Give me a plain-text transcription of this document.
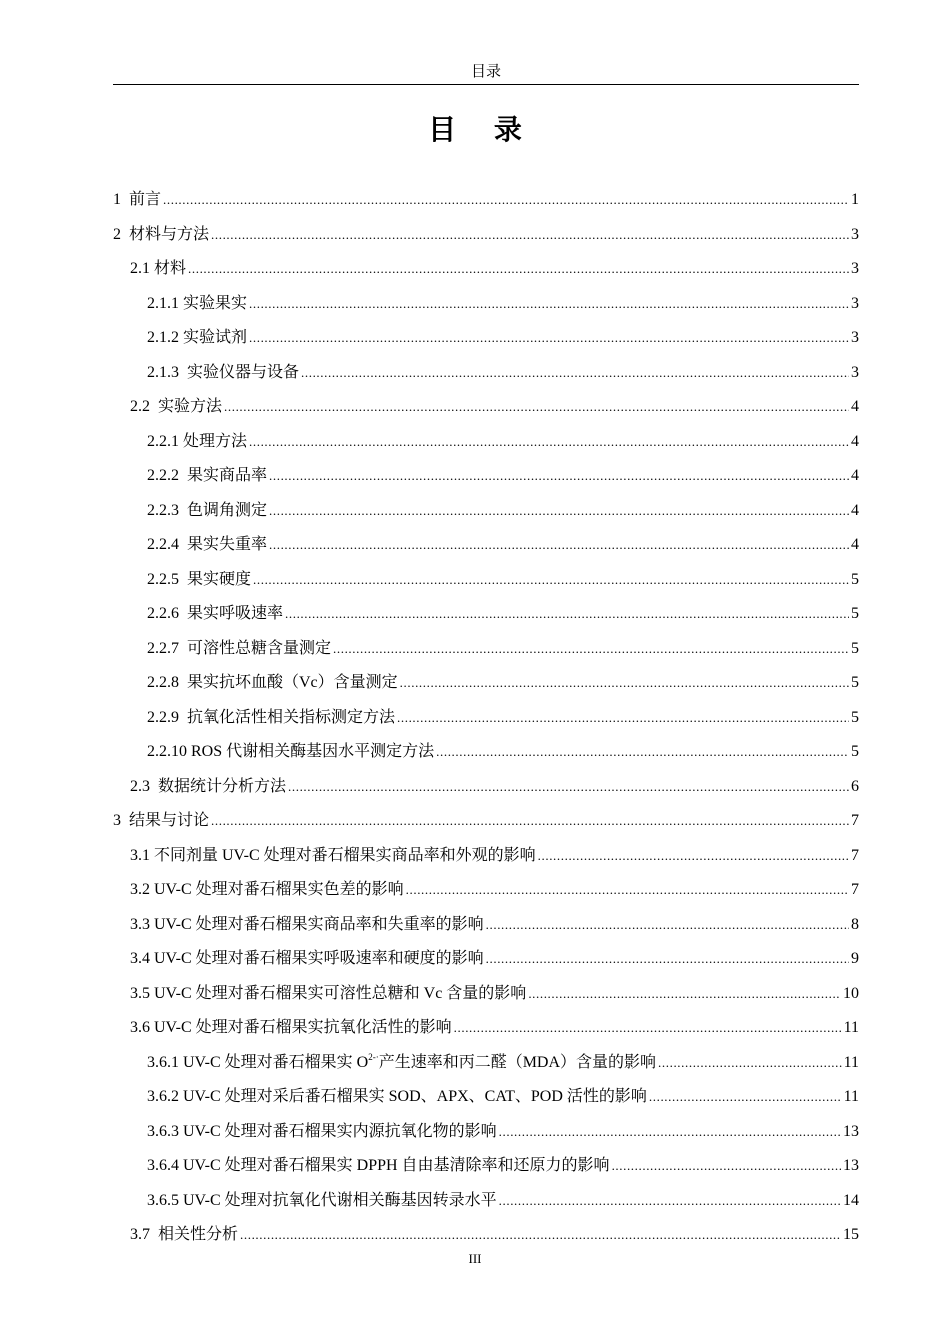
目录
目 录
1  前言 .....	1
2  材料与方法 .....	3
2.1 材料 .....	3
2.1.1 实验果实 .....	3
2.1.2 实验试剂 .....	3
2.1.3  实验仪器与设备 .....	3
2.2  实验方法 .....	4
2.2.1 处理方法 .....	4
2.2.2  果实商品率 .....	4
2.2.3  色调角测定 .....	4
2.2.4  果实失重率 .....	4
2.2.5  果实硬度 .....	5
2.2.6  果实呼吸速率 .....	5
2.2.7  可溶性总糖含量测定 .....	5
2.2.8  果实抗坏血酸（Vc）含量测定 .....	5
2.2.9  抗氧化活性相关指标测定方法 .....	5
2.2.10 ROS 代谢相关酶基因水平测定方法 .....	5
2.3  数据统计分析方法 .....	6
3  结果与讨论 .....	7
3.1 不同剂量 UV-C 处理对番石榴果实商品率和外观的影响 .....	7
3.2 UV-C 处理对番石榴果实色差的影响 .....	7
3.3 UV-C 处理对番石榴果实商品率和失重率的影响 .....	8
3.4 UV-C 处理对番石榴果实呼吸速率和硬度的影响 .....	9
3.5 UV-C 处理对番石榴果实可溶性总糖和 Vc 含量的影响 .....	10
3.6 UV-C 处理对番石榴果实抗氧化活性的影响 .....	11
3.6.1 UV-C 处理对番石榴果实 $O^{2-\cdot}$产生速率和丙二醛（MDA）含量的影响 .....	11
3.6.2 UV-C 处理对采后番石榴果实 SOD、APX、CAT、POD 活性的影响 .....	11
3.6.3 UV-C 处理对番石榴果实内源抗氧化物的影响 .....	13
3.6.4 UV-C 处理对番石榴果实 DPPH 自由基清除率和还原力的影响 .....	13
3.6.5 UV-C 处理对抗氧化代谢相关酶基因转录水平 .....	14
3.7  相关性分析 .....	15
III
